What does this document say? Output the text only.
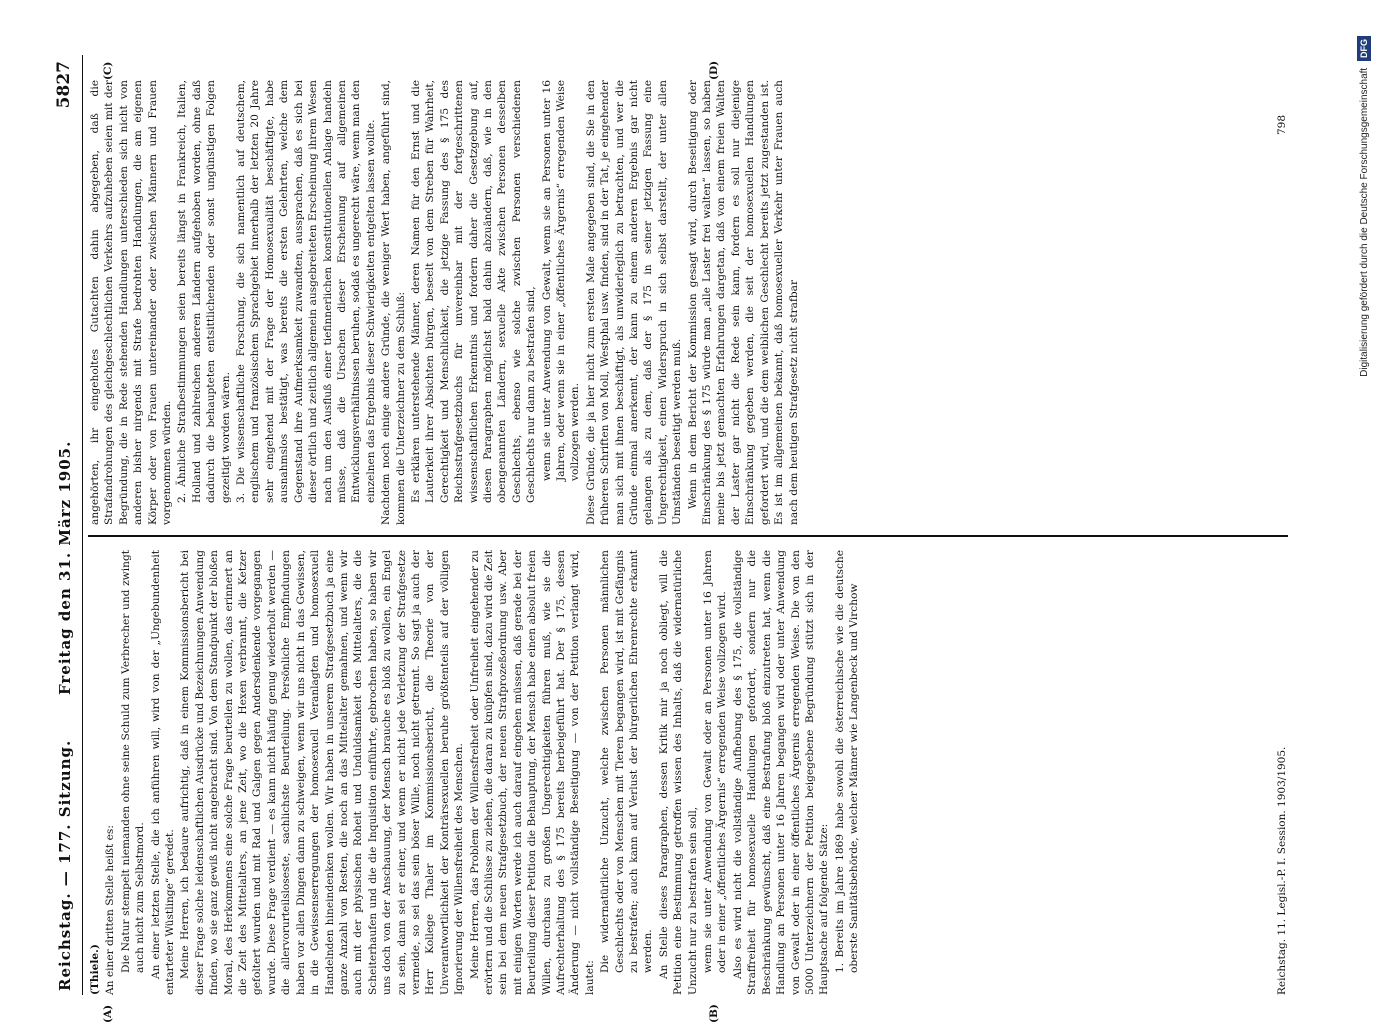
Reichstag. — 177. Sitzung.
Freitag den 31. März 1905.
5827
(A)	(B)
(C)	(D)

(Thiele.) An einer dritten Stelle heißt es: Die Natur stempelt niemanden ohne seine Schuld zum Verbrecher und zwingt auch nicht zum Selbstmord. An einer letzten Stelle, die ich anführen will, wird von der „Ungebundenheit entarteter Wüstlinge“ geredet. Meine Herren, ich bedaure aufrichtig, daß in einem Kommissionsbericht bei dieser Frage solche leidenschaftlichen Ausdrücke und Bezeichnungen Anwendung finden, wo sie ganz gewiß nicht angebracht sind. Von dem Standpunkt der bloßen Moral, des Herkommens eine solche Frage beurteilen zu wollen, das erinnert an die Zeit des Mittelalters, an jene Zeit, wo die Hexen verbrannt, die Ketzer gefoltert wurden und mit Rad und Galgen gegen Andersdenkende vorgegangen wurde. Diese Frage verdient — es kann nicht häufig genug wiederholt werden — die allervorurteilsloseste, sachlichste Beurteilung. Persönliche Empfindungen haben vor allen Dingen dann zu schweigen, wenn wir uns nicht in das Gewissen, in die Gewissenserregungen der homosexuell Veranlagten und homosexuell Handelnden hineindenken wollen. Wir haben in unserem Strafgesetzbuch ja eine ganze Anzahl von Resten, die noch an das Mittelalter gemahnen, und wenn wir auch mit der physischen Roheit und Unduldsamkeit des Mittelalters, die die Scheiterhaufen und die die Inquisition einführte, gebrochen haben, so haben wir uns doch von der Anschauung, der Mensch brauche es bloß zu wollen, ein Engel zu sein, dann sei er einer, und wenn er nicht jede Verletzung der Strafgesetze vermeide, so sei das sein böser Wille, noch nicht getrennt. So sagt ja auch der Herr Kollege Thaler im Kommissionsbericht, die Theorie von der Unverantwortlichkeit der Konträrsexuellen beruhe größtenteils auf der völligen Ignorierung der Willensfreiheit des Menschen. Meine Herren, das Problem der Willensfreiheit oder Unfreiheit eingehender zu erörtern und die Schlüsse zu ziehen, die daran zu knüpfen sind, dazu wird die Zeit sein bei dem neuen Strafgesetzbuch, der neuen Strafprozeßordnung usw. Aber mit einigen Worten werde ich auch darauf eingehen müssen, daß gerade bei der Beurteilung dieser Petition die Behauptung, der Mensch habe einen absolut freien Willen, durchaus zu großen Ungerechtigkeiten führen muß, wie sie die Aufrechterhaltung des § 175 bereits herbeigeführt hat. Der § 175, dessen Änderung — nicht vollständige Beseitigung — von der Petition verlangt wird, lautet:

Die widernatürliche Unzucht, welche zwischen Personen männlichen Geschlechts oder von Menschen mit Tieren begangen wird, ist mit Gefängnis zu bestrafen; auch kann auf Verlust der bürgerlichen Ehrenrechte erkannt werden. An Stelle dieses Paragraphen, dessen Kritik mir ja noch obliegt, will die Petition eine Bestimmung getroffen wissen des Inhalts, daß die widernatürliche Unzucht nur zu bestrafen sein soll, wenn sie unter Anwendung von Gewalt oder an Personen unter 16 Jahren oder in einer „öffentliches Ärgernis“ erregenden Weise vollzogen wird. Also es wird nicht die vollständige Aufhebung des § 175, die vollständige Straffreiheit für homosexuelle Handlungen gefordert, sondern nur die Beschränkung gewünscht, daß eine Bestrafung bloß einzutreten hat, wenn die Handlung an Personen unter 16 Jahren begangen wird oder unter Anwendung von Gewalt oder in einer öffentliches Ärgernis erregenden Weise. Die von den 5000 Unterzeichnern der Petition beigegebene Begründung stützt sich in der Hauptsache auf folgende Sätze: 1. Bereits im Jahre 1869 habe sowohl die österreichische wie die deutsche oberste Sanitätsbehörde, welcher Männer wie Langenbeck und Virchow

angehörten, ihr eingeholtes Gutachten dahin abgegeben, daß die Strafandrohungen des gleichgeschlechtlichen Verkehrs aufzuheben seien mit der Begründung, die in Rede stehenden Handlungen unterschieden sich nicht von anderen bisher nirgends mit Strafe bedrohten Handlungen, die am eigenen Körper oder von Frauen untereinander oder zwischen Männern und Frauen vorgenommen würden. 2. Ähnliche Strafbestimmungen seien bereits längst in Frankreich, Italien, Holland und zahlreichen anderen Ländern aufgehoben worden, ohne daß dadurch die behaupteten entsittlichenden oder sonst ungünstigen Folgen gezeitigt worden wären. 3. Die wissenschaftliche Forschung, die sich namentlich auf deutschem, englischem und französischem Sprachgebiet innerhalb der letzten 20 Jahre sehr eingehend mit der Frage der Homosexualität beschäftigte, habe ausnahmslos bestätigt, was bereits die ersten Gelehrten, welche dem Gegenstand ihre Aufmerksamkeit zuwandten, aussprachen, daß es sich bei dieser örtlich und zeitlich allgemein ausgebreiteten Erscheinung ihrem Wesen nach um den Ausfluß einer tiefinnerlichen konstitutionellen Anlage handeln müsse, daß die Ursachen dieser Erscheinung auf allgemeinen Entwicklungsverhältnissen beruhen, sodaß es ungerecht wäre, wenn man den einzelnen das Ergebnis dieser Schwierigkeiten entgelten lassen wollte. Nachdem noch einige andere Gründe, die weniger Wert haben, angeführt sind, kommen die Unterzeichner zu dem Schluß: Es erklären unterstehende Männer, deren Namen für den Ernst und die Lauterkeit ihrer Absichten bürgen, beseelt von dem Streben für Wahrheit, Gerechtigkeit und Menschlichkeit, die jetzige Fassung des § 175 des Reichsstrafgesetzbuchs für unvereinbar mit der fortgeschrittenen wissenschaftlichen Erkenntnis und fordern daher die Gesetzgebung auf, diesen Paragraphen möglichst bald dahin abzuändern, daß, wie in den obengenannten Ländern, sexuelle Akte zwischen Personen desselben Geschlechts, ebenso wie solche zwischen Personen verschiedenen Geschlechts nur dann zu bestrafen sind, wenn sie unter Anwendung von Gewalt, wenn sie an Personen unter 16 Jahren, oder wenn sie in einer „öffentliches Ärgernis“ erregenden Weise vollzogen werden. Diese Gründe, die ja hier nicht zum ersten Male angegeben sind, die Sie in den früheren Schriften von Moll, Westphal usw. finden, sind in der Tat, je eingehender man sich mit ihnen beschäftigt, als unwiderleglich zu betrachten, und wer die Gründe einmal anerkennt, der kann zu einem anderen Ergebnis gar nicht gelangen als zu dem, daß der § 175 in seiner jetzigen Fassung eine Ungerechtigkeit, einen Widerspruch in sich selbst darstellt, der unter allen Umständen beseitigt werden muß. Wenn in dem Bericht der Kommission gesagt wird, durch Beseitigung oder Einschränkung des § 175 würde man „alle Laster frei walten“ lassen, so haben meine bis jetzt gemachten Erfahrungen dargetan, daß von einem freien Walten der Laster gar nicht die Rede sein kann, fordern es soll nur diejenige Einschränkung gegeben werden, die seit der homosexuellen Handlungen gefordert wird, und die dem weiblichen Geschlecht bereits jetzt zugestanden ist. Es ist im allgemeinen bekannt, daß homosexueller Verkehr unter Frauen auch nach dem heutigen Strafgesetz nicht strafbar

Reichstag. 11. Legisl.-P. I. Session. 1903/1905.
798	Digitalisierung gefördert durch die Deutsche Forschungsgemeinschaft DFG
